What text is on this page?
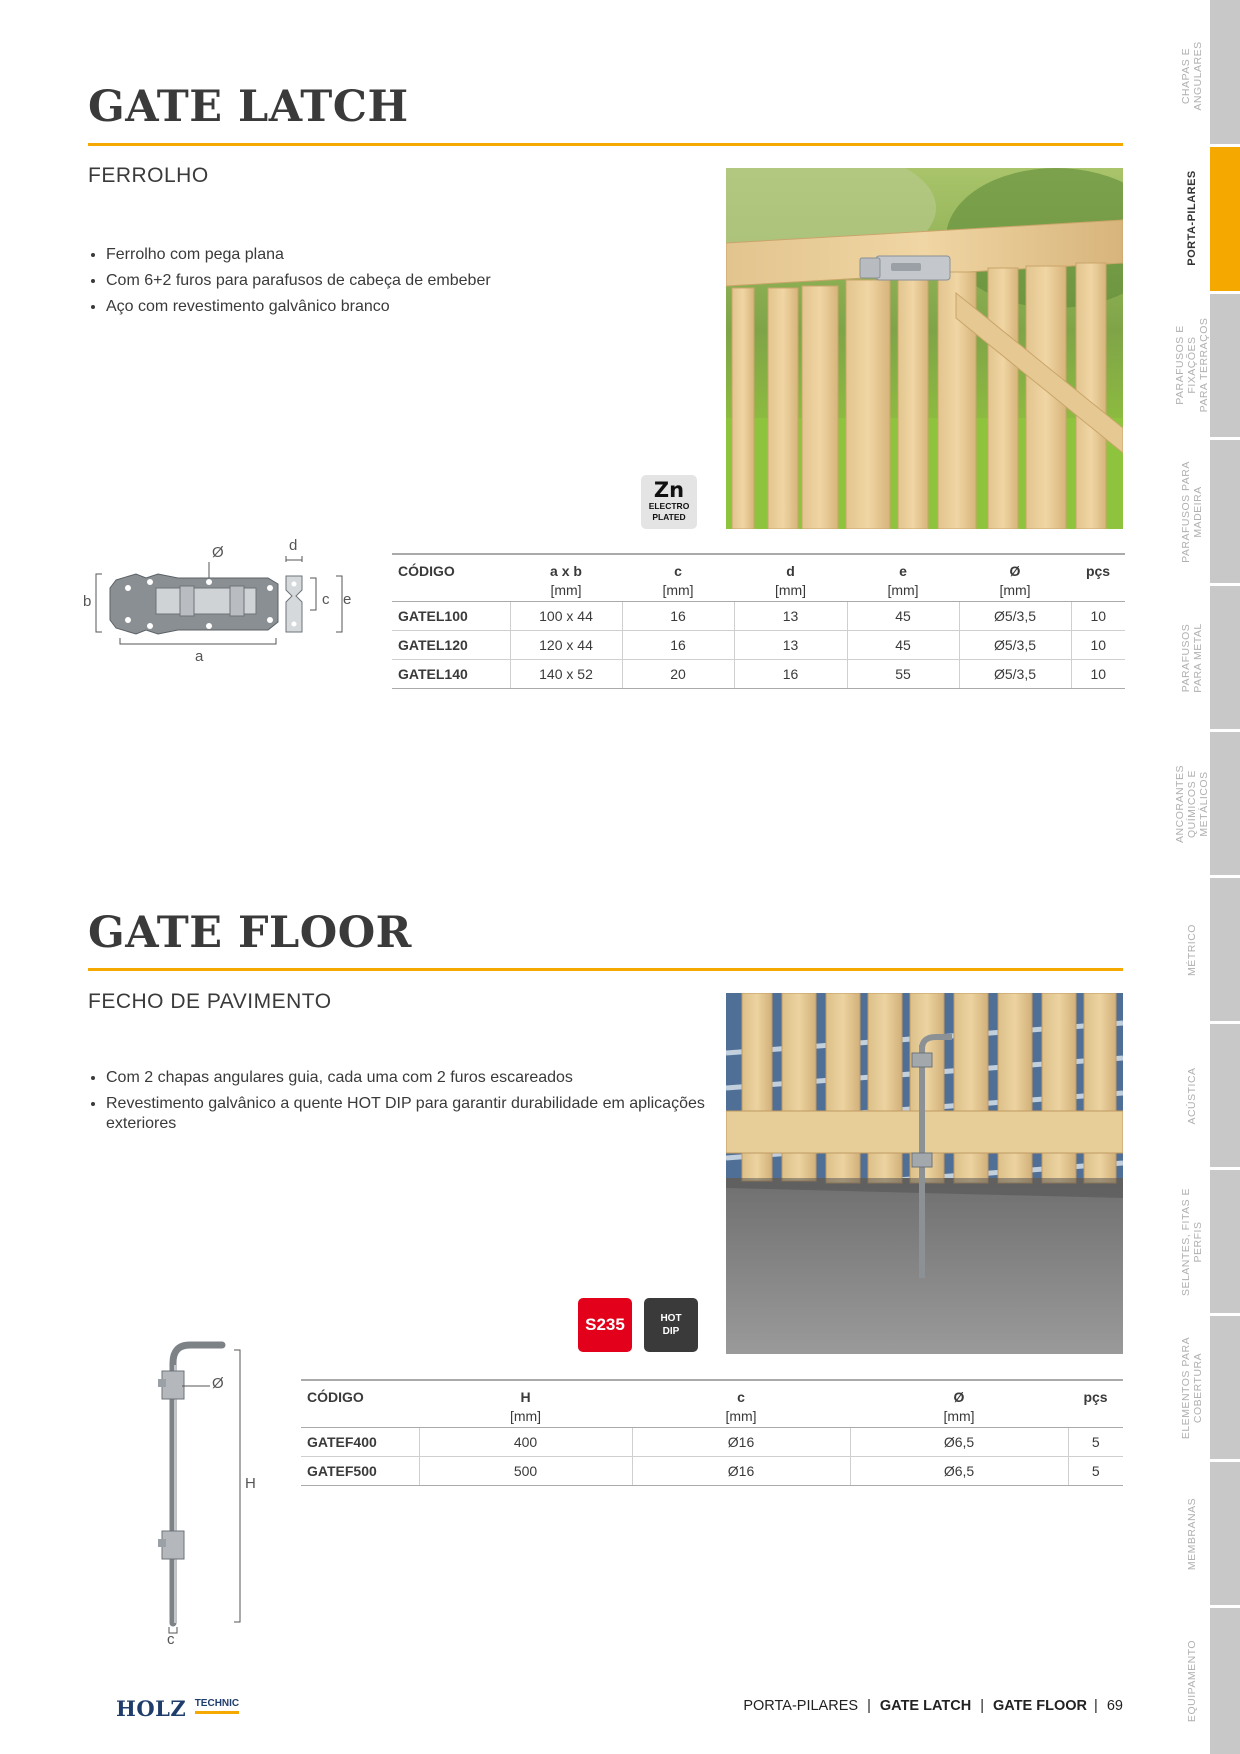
GATE LATCH
FERROLHO
• Ferrolho com pega plana
• Com 6+2 furos para parafusos de cabeça de embeber
• Aço com revestimento galvânico branco
Zn
ELECTRO
PLATED
Ø	d
b	c e
a
CÓDIGO	a x b	c	d	e	Ø	pçs
	[mm]	[mm]	[mm]	[mm]	[mm]	
GATEL100	100 x 44	16	13	45	Ø5/3,5	10
GATEL120	120 x 44	16	13	45	Ø5/3,5	10
GATEL140	140 x 52	20	16	55	Ø5/3,5	10
GATE FLOOR
FECHO DE PAVIMENTO
• Com 2 chapas angulares guia, cada uma com 2 furos escareados
• Revestimento galvânico a quente HOT DIP para garantir durabilidade em aplicações exteriores
S235	HOT
DIP
Ø
H
c
CÓDIGO	H	c	Ø	pçs
	[mm]	[mm]	[mm]	
GATEF400	400	Ø16	Ø6,5	5
GATEF500	500	Ø16	Ø6,5	5
CHAPAS E ANGULARES
PORTA-PILARES
PARAFUSOS E FIXAÇÕES PARA TERRAÇOS
PARAFUSOS PARA MADEIRA
PARAFUSOS PARA METAL
ANCORANTES QUÍMICOS E METÁLICOS
MÉTRICO
ACÚSTICA
SELANTES, FITAS E PERFIS
ELEMENTOS PARA COBERTURA
MEMBRANAS
EQUIPAMENTO
HOLZ TECHNIC	PORTA-PILARES | GATE LATCH | GATE FLOOR | 69
